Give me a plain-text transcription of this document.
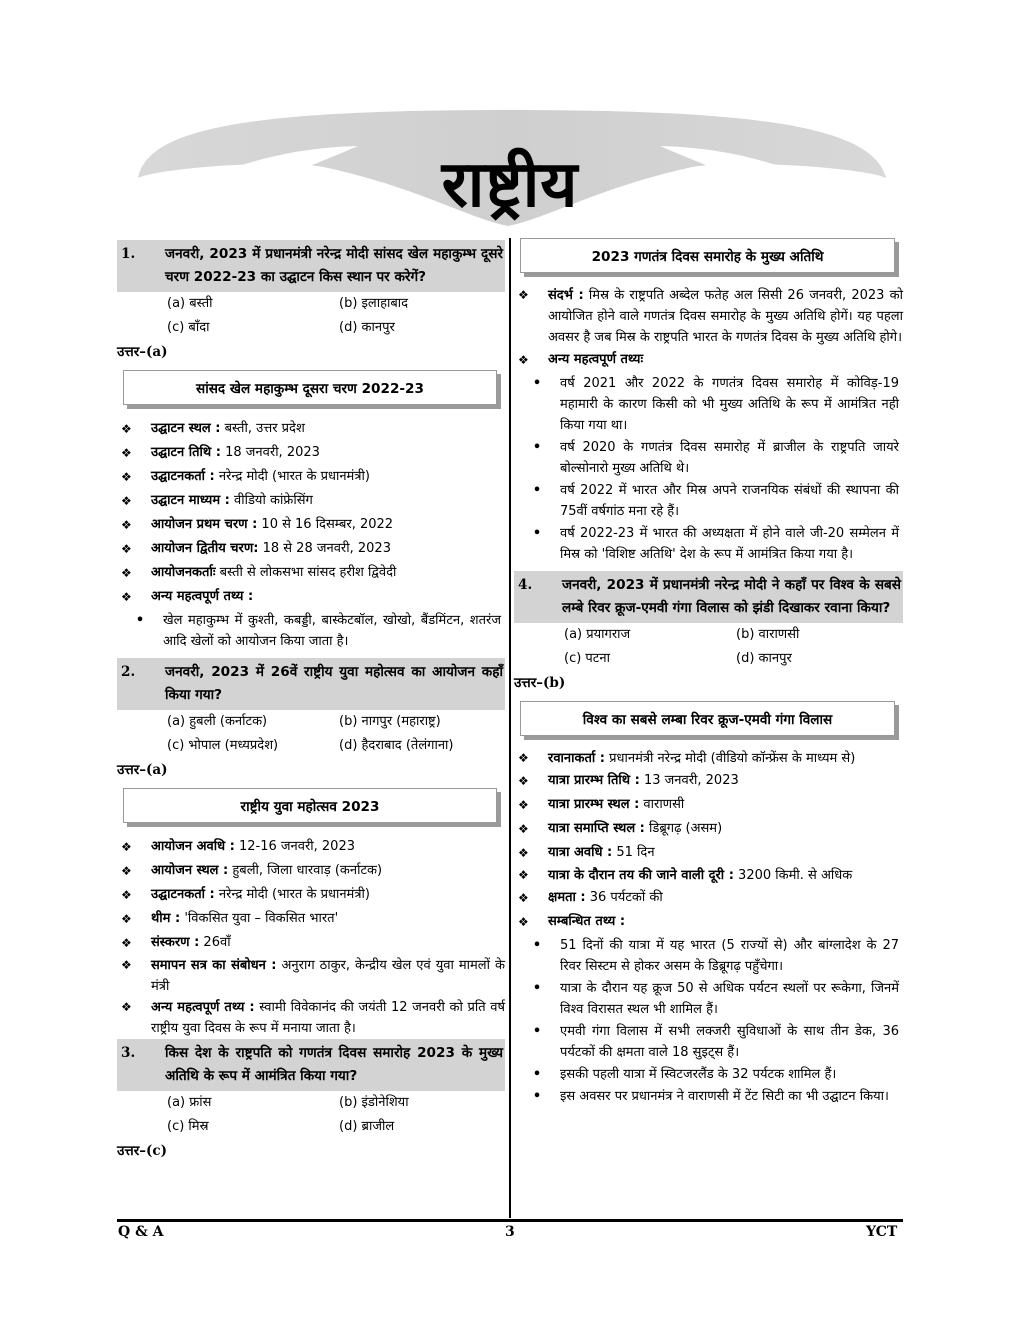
राष्ट्रीय
1.	जनवरी, 2023 में प्रधानमंत्री नरेन्द्र मोदी सांसद खेल महाकुम्भ दूसरे चरण 2022-23 का उद्घाटन किस स्थान पर करेगें?
(a) बस्ती	(b) इलाहाबाद
(c) बाँदा	(d) कानपुर
उत्तर–(a)
सांसद खेल महाकुम्भ दूसरा चरण 2022-23
❖	उद्घाटन स्थल : बस्ती, उत्तर प्रदेश
❖	उद्घाटन तिथि : 18 जनवरी, 2023
❖	उद्घाटनकर्ता : नरेन्द्र मोदी (भारत के प्रधानमंत्री)
❖	उद्घाटन माध्यम : वीडियो कांफ्रेसिंग
❖	आयोजन प्रथम चरण : 10 से 16 दिसम्बर, 2022
❖	आयोजन द्वितीय चरण: 18 से 28 जनवरी, 2023
❖	आयोजनकर्ताः बस्ती से लोकसभा सांसद हरीश द्विवेदी
❖	अन्य महत्वपूर्ण तथ्य :
•	खेल महाकुम्भ में कुश्ती, कबड्डी, बास्केटबॉल, खोखो, बैंडमिंटन, शतरंज आदि खेलों को आयोजन किया जाता है।
2.	जनवरी, 2023 में 26वें राष्ट्रीय युवा महोत्सव का आयोजन कहाँ किया गया?
(a) हुबली (कर्नाटक)	(b) नागपुर (महाराष्ट्र)
(c) भोपाल (मध्यप्रदेश)	(d) हैदराबाद (तेलंगाना)
उत्तर–(a)
राष्ट्रीय युवा महोत्सव 2023
❖	आयोजन अवधि : 12-16 जनवरी, 2023
❖	आयोजन स्थल : हुबली, जिला धारवाड़ (कर्नाटक)
❖	उद्घाटनकर्ता : नरेन्द्र मोदी (भारत के प्रधानमंत्री)
❖	थीम : 'विकसित युवा – विकसित भारत'
❖	संस्करण : 26वाँ
❖	समापन सत्र का संबोधन : अनुराग ठाकुर, केन्द्रीय खेल एवं युवा मामलों के मंत्री
❖	अन्य महत्वपूर्ण तथ्य : स्वामी विवेकानंद की जयंती 12 जनवरी को प्रति वर्ष राष्ट्रीय युवा दिवस के रूप में मनाया जाता है।
3.	किस देश के राष्ट्रपति को गणतंत्र दिवस समारोह 2023 के मुख्य अतिथि के रूप में आमंत्रित किया गया?
(a) फ्रांस	(b) इंडोनेशिया
(c) मिस्र	(d) ब्राजील
उत्तर–(c)
2023 गणतंत्र दिवस समारोह के मुख्य अतिथि
❖	संदर्भ : मिस्र के राष्ट्रपति अब्देल फतेह अल सिसी 26 जनवरी, 2023 को आयोजित होने वाले गणतंत्र दिवस समारोह के मुख्य अतिथि होगें। यह पहला अवसर है जब मिस्र के राष्ट्रपति भारत के गणतंत्र दिवस के मुख्य अतिथि होगे।
❖	अन्य महत्वपूर्ण तथ्यः
•	वर्ष 2021 और 2022 के गणतंत्र दिवस समारोह में कोविड़-19 महामारी के कारण किसी को भी मुख्य अतिथि के रूप में आमंत्रित नही किया गया था।
•	वर्ष 2020 के गणतंत्र दिवस समारोह में ब्राजील के राष्ट्रपति जायरे बोल्सोनारो मुख्य अतिथि थे।
•	वर्ष 2022 में भारत और मिस्र अपने राजनयिक संबंधों की स्थापना की 75वीं वर्षगांठ मना रहे हैं।
•	वर्ष 2022-23 में भारत की अध्यक्षता में होने वाले जी-20 सम्मेलन में मिस्र को 'विशिष्ट अतिथि' देश के रूप में आमंत्रित किया गया है।
4.	जनवरी, 2023 में प्रधानमंत्री नरेन्द्र मोदी ने कहाँ पर विश्व के सबसे लम्बे रिवर क्रूज-एमवी गंगा विलास को झंडी दिखाकर रवाना किया?
(a) प्रयागराज	(b) वाराणसी
(c) पटना	(d) कानपुर
उत्तर–(b)
विश्व का सबसे लम्बा रिवर क्रूज-एमवी गंगा विलास
❖	रवानाकर्ता : प्रधानमंत्री नरेन्द्र मोदी (वीडियो कॉन्फ्रेंस के माध्यम से)
❖	यात्रा प्रारम्भ तिथि : 13 जनवरी, 2023
❖	यात्रा प्रारम्भ स्थल : वाराणसी
❖	यात्रा समाप्ति स्थल : डिब्रूगढ़ (असम)
❖	यात्रा अवधि : 51 दिन
❖	यात्रा के दौरान तय की जाने वाली दूरी : 3200 किमी. से अधिक
❖	क्षमता : 36 पर्यटकों की
❖	सम्बन्धित तथ्य :
•	51 दिनों की यात्रा में यह भारत (5 राज्यों से) और बांग्लादेश के 27 रिवर सिस्टम से होकर असम के डिब्रूगढ़ पहुँचेगा।
•	यात्रा के दौरान यह क्रूज 50 से अधिक पर्यटन स्थलों पर रूकेगा, जिनमें विश्व विरासत स्थल भी शामिल हैं।
•	एमवी गंगा विलास में सभी लक्जरी सुविधाओं के साथ तीन डेक, 36 पर्यटकों की क्षमता वाले 18 सुइट्स हैं।
•	इसकी पहली यात्रा में स्विटजरलैंड के 32 पर्यटक शामिल हैं।
•	इस अवसर पर प्रधानमंत्र ने वाराणसी में टेंट सिटी का भी उद्घाटन किया।
Q & A	3	YCT
